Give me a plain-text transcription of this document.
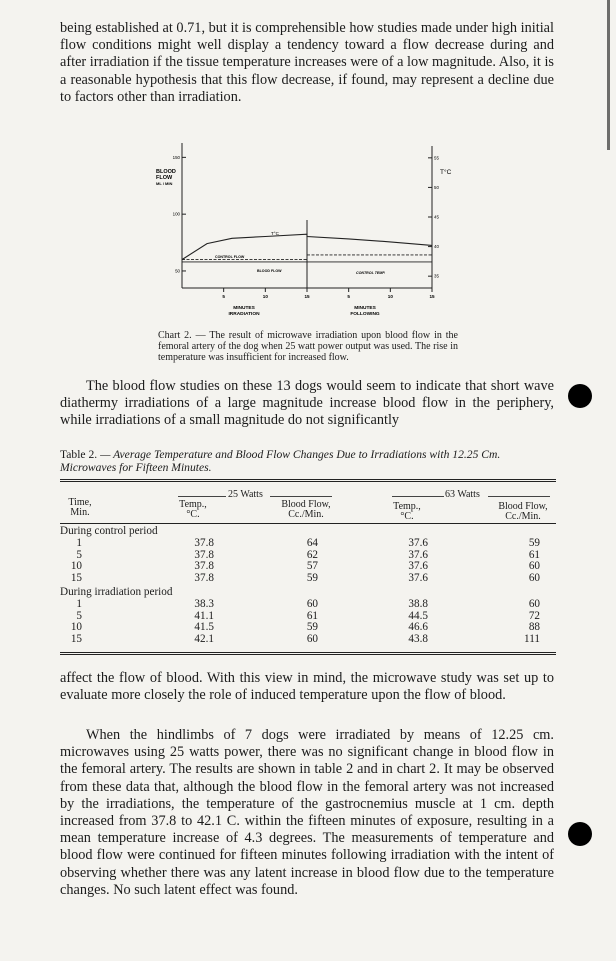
being established at 0.71, but it is comprehensible how studies made under high initial flow conditions might well display a tendency toward a flow decrease during and after irradiation if the tissue temperature increases were of a low magnitude. Also, it is a reasonable hypothesis that this flow decrease, if found, may represent a decline due to factors other than irradiation.

BLOOD
FLOW
ML / MIN
T°C
150
100
50
55
50
45
40
35
5	5
10	10
15	15
T°C
CONTROL FLOW
BLOOD FLOW	CONTROL TEMP.
MINUTES
IRRADIATION
MINUTES
FOLLOWING

Chart 2. — The result of microwave irradiation upon blood flow in the femoral artery of the dog when 25 watt power output was used. The rise in temperature was insufficient for increased flow.

The blood flow studies on these 13 dogs would seem to indicate that short wave diathermy irradiations of a large magnitude increase blood flow in the periphery, while irradiations of a small magnitude do not significantly

Table 2. — Average Temperature and Blood Flow Changes Due to Irradiations with 12.25 Cm. Microwaves for Fifteen Minutes.

25 Watts	63 Watts
Time,
Min.
Temp.,
°C.
Blood Flow,
Cc./Min.
Temp.,
°C.
Blood Flow,
Cc./Min.
During control period
1	37.8	64	37.6	59
5	37.8	62	37.6	61
10	37.8	57	37.6	60
15	37.8	59	37.6	60
During irradiation period
1	38.3	60	38.8	60
5	41.1	61	44.5	72
10	41.5	59	46.6	88
15	42.1	60	43.8	111

affect the flow of blood. With this view in mind, the microwave study was set up to evaluate more closely the role of induced temperature upon the flow of blood.

When the hindlimbs of 7 dogs were irradiated by means of 12.25 cm. microwaves using 25 watts power, there was no significant change in blood flow in the femoral artery. The results are shown in table 2 and in chart 2. It may be observed from these data that, although the blood flow in the femoral artery was not increased by the irradiations, the temperature of the gastrocnemius muscle at 1 cm. depth increased from 37.8 to 42.1 C. within the fifteen minutes of exposure, resulting in a mean temperature increase of 4.3 degrees. The measurements of temperature and blood flow were continued for fifteen minutes following irradiation with the intent of observing whether there was any latent increase in blood flow due to the temperature changes. No such latent effect was found.
